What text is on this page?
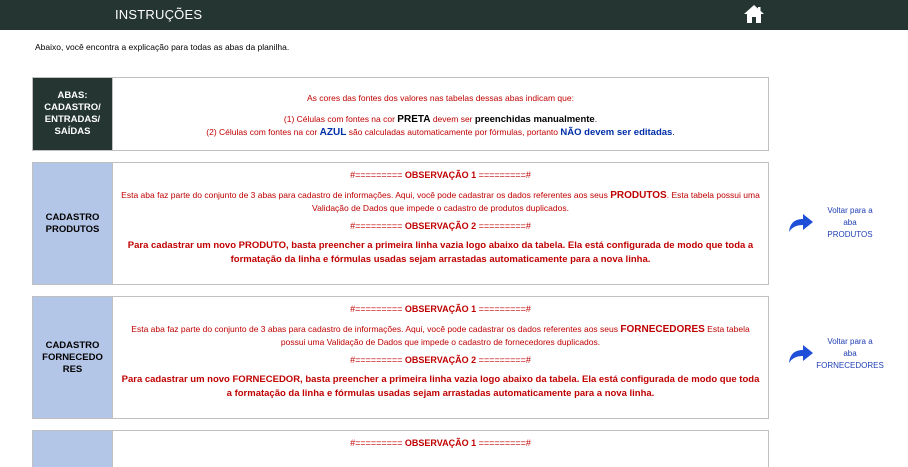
INSTRUÇÕES
Abaixo, você encontra a explicação para todas as abas da planilha.
ABAS: CADASTRO/ ENTRADAS/ SAÍDAS
As cores das fontes dos valores nas tabelas dessas abas indicam que:
(1) Células com fontes na cor PRETA devem ser preenchidas manualmente.
(2) Células com fontes na cor AZUL são calculadas automaticamente por fórmulas, portanto NÃO devem ser editadas.
CADASTRO PRODUTOS
#========= OBSERVAÇÃO 1 =========#
Esta aba faz parte do conjunto de 3 abas para cadastro de informações. Aqui, você pode cadastrar os dados referentes aos seus PRODUTOS. Esta tabela possui uma Validação de Dados que impede o cadastro de produtos duplicados.
#========= OBSERVAÇÃO 2 =========#
Para cadastrar um novo PRODUTO, basta preencher a primeira linha vazia logo abaixo da tabela. Ela está configurada de modo que toda a formatação da linha e fórmulas usadas sejam arrastadas automaticamente para a nova linha.
Voltar para a
aba
PRODUTOS
CADASTRO FORNECEDO RES
#========= OBSERVAÇÃO 1 =========#
Esta aba faz parte do conjunto de 3 abas para cadastro de informações. Aqui, você pode cadastrar os dados referentes aos seus FORNECEDORES Esta tabela possui uma Validação de Dados que impede o cadastro de fornecedores duplicados.
#========= OBSERVAÇÃO 2 =========#
Para cadastrar um novo FORNECEDOR, basta preencher a primeira linha vazia logo abaixo da tabela. Ela está configurada de modo que toda a formatação da linha e fórmulas usadas sejam arrastadas automaticamente para a nova linha.
Voltar para a
aba
FORNECEDORES
#========= OBSERVAÇÃO 1 =========#
